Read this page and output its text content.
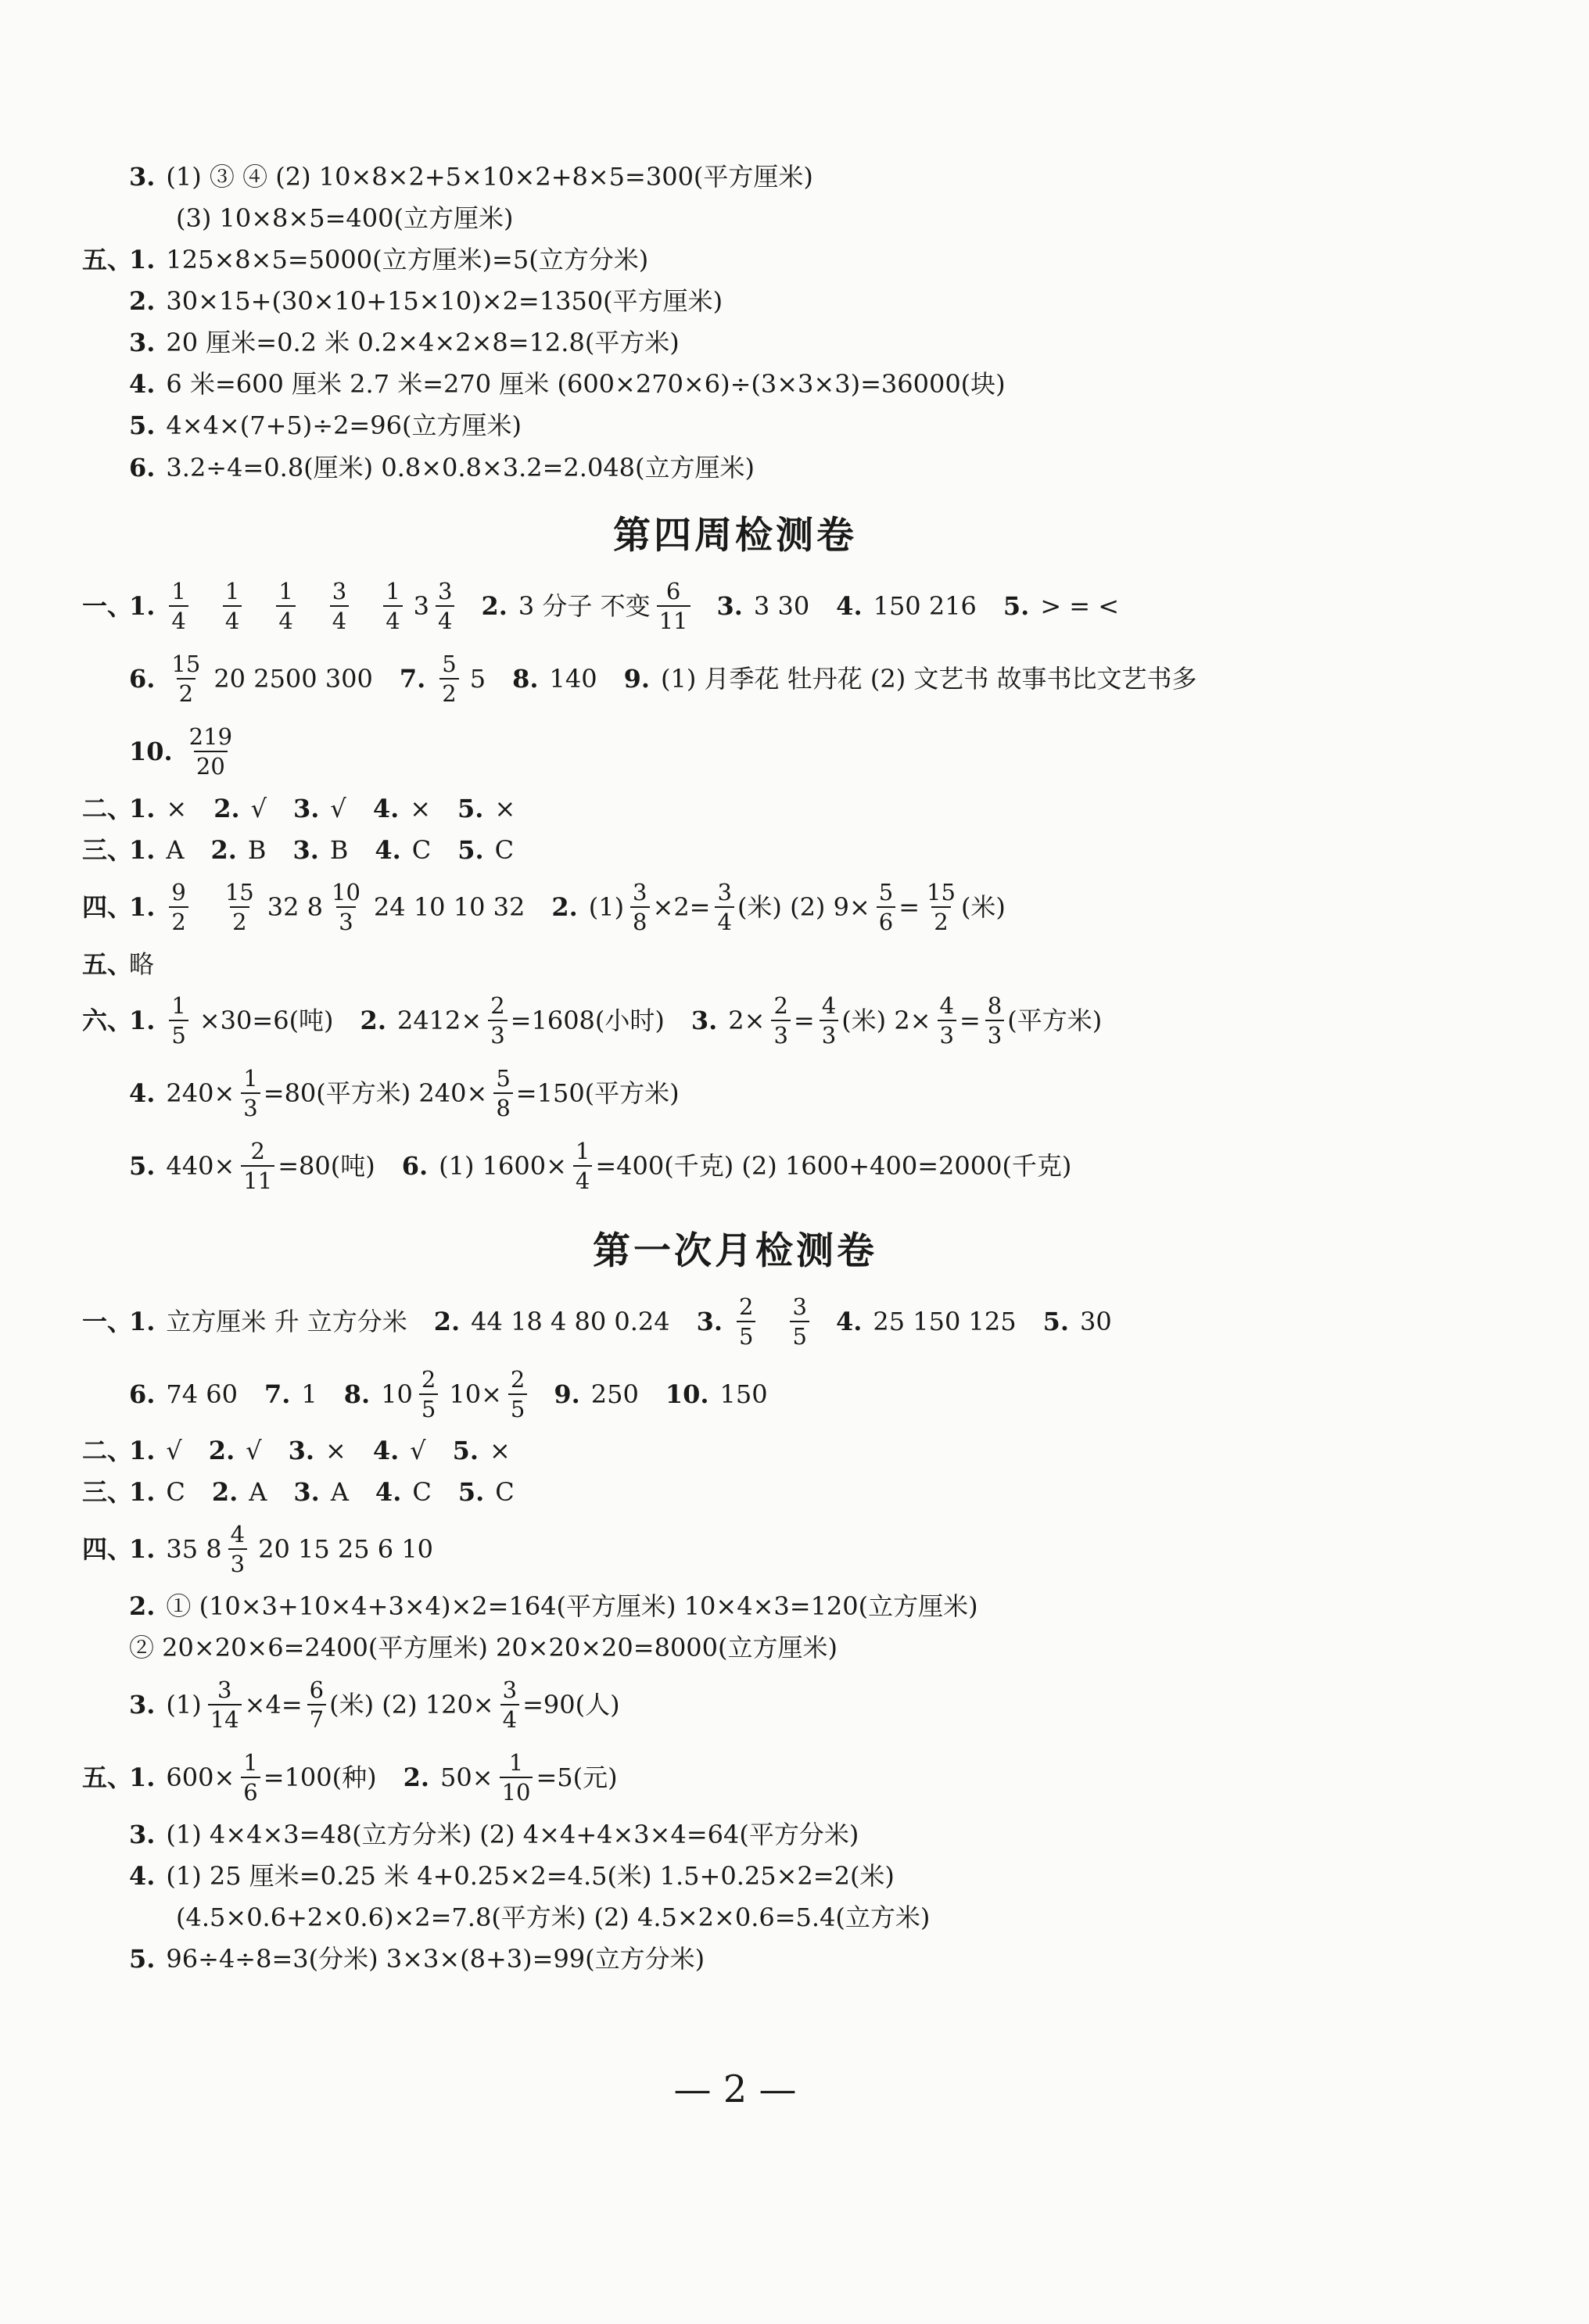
第四周检测卷
第一次月检测卷
3. (1) ③ ④ (2) 10×8×2+5×10×2+8×5=300(平方厘米)
(3) 10×8×5=400(立方厘米)
五、
1. 125×8×5=5000(立方厘米)=5(立方分米)
2. 30×15+(30×10+15×10)×2=1350(平方厘米)
3. 20 厘米=0.2 米 0.2×4×2×8=12.8(平方米)
4. 6 米=600 厘米 2.7 米=270 厘米 (600×270×6)÷(3×3×3)=36000(块)
5. 4×4×(7+5)÷2=96(立方厘米)
6. 3.2÷4=0.8(厘米) 0.8×0.8×3.2=2.048(立方厘米)
一、
1. $\frac{1}{4} \frac{1}{4} \frac{1}{4} \frac{3}{4} \frac{1}{4} 3 \frac{3}{4} 2$. 3 分子 不变 $\frac{6}{11} 3$. 3 30 4. 150 216 5. > = <
6. $\frac{15}{2} 20$ 2500 300 7. $\frac{5}{2} 5$ 8. 140 9. (1) 月季花 牡丹花 (2) 文艺书 故事书比文艺书多
10. $\frac{219}{20}$
二、
1. × 2. √ 3. √ 4. × 5. ×
三、
1. A 2. B 3. B 4. C 5. C
四、
1. $\frac{9}{2} \frac{15}{2} 32$ $8 \frac{10}{3} 24$ 10 10 32 2. $(1) \frac{3}{8} \times 2= \frac{3}{4}$ (米) (2) $9\times \frac{5}{6} = \frac{15}{2}$ (米)
五、
略
六、
1. $\frac{1}{5} \times 30=6$(吨) 2. $2412\times \frac{2}{3} =1608$(小时) 3. $2\times \frac{2}{3} = \frac{4}{3}$ (米) $2\times \frac{4}{3} = \frac{8}{3}$ (平方米)
4. $240\times \frac{1}{3} =80$(平方米) $240\times \frac{5}{8} =150$(平方米)
5. $440\times \frac{2}{11} =80$(吨) 6. (1) $1600\times \frac{1}{4} =400$(千克) (2) 1600+400=2000(千克)
一、
1. 立方厘米 升 立方分米 2. 44 18 4 80 0.24 3. $\frac{2}{5} \frac{3}{5} 4$. 25 150 125 5. 30
6. 74 60 7. 1 8. $10 \frac{2}{5} 10\times \frac{2}{5} 9$. 250 10. 150
二、
1. √ 2. √ 3. × 4. √ 5. ×
三、
1. C 2. A 3. A 4. C 5. C
四、
1. 35 $8 \frac{4}{3} 20$ 15 25 6 10
2. ① (10×3+10×4+3×4)×2=164(平方厘米) 10×4×3=120(立方厘米)
② 20×20×6=2400(平方厘米) 20×20×20=8000(立方厘米)
3. $(1) \frac{3}{14} \times 4= \frac{6}{7}$ (米) (2) $120\times \frac{3}{4} =90$(人)
五、
1. $600\times \frac{1}{6} =100$(种) 2. $50\times \frac{1}{10} =5$(元)
3. (1) 4×4×3=48(立方分米) (2) 4×4+4×3×4=64(平方分米)
4. (1) 25 厘米=0.25 米 4+0.25×2=4.5(米) 1.5+0.25×2=2(米)
(4.5×0.6+2×0.6)×2=7.8(平方米) (2) 4.5×2×0.6=5.4(立方米)
5. 96÷4÷8=3(分米) 3×3×(8+3)=99(立方分米)
— 2 —
